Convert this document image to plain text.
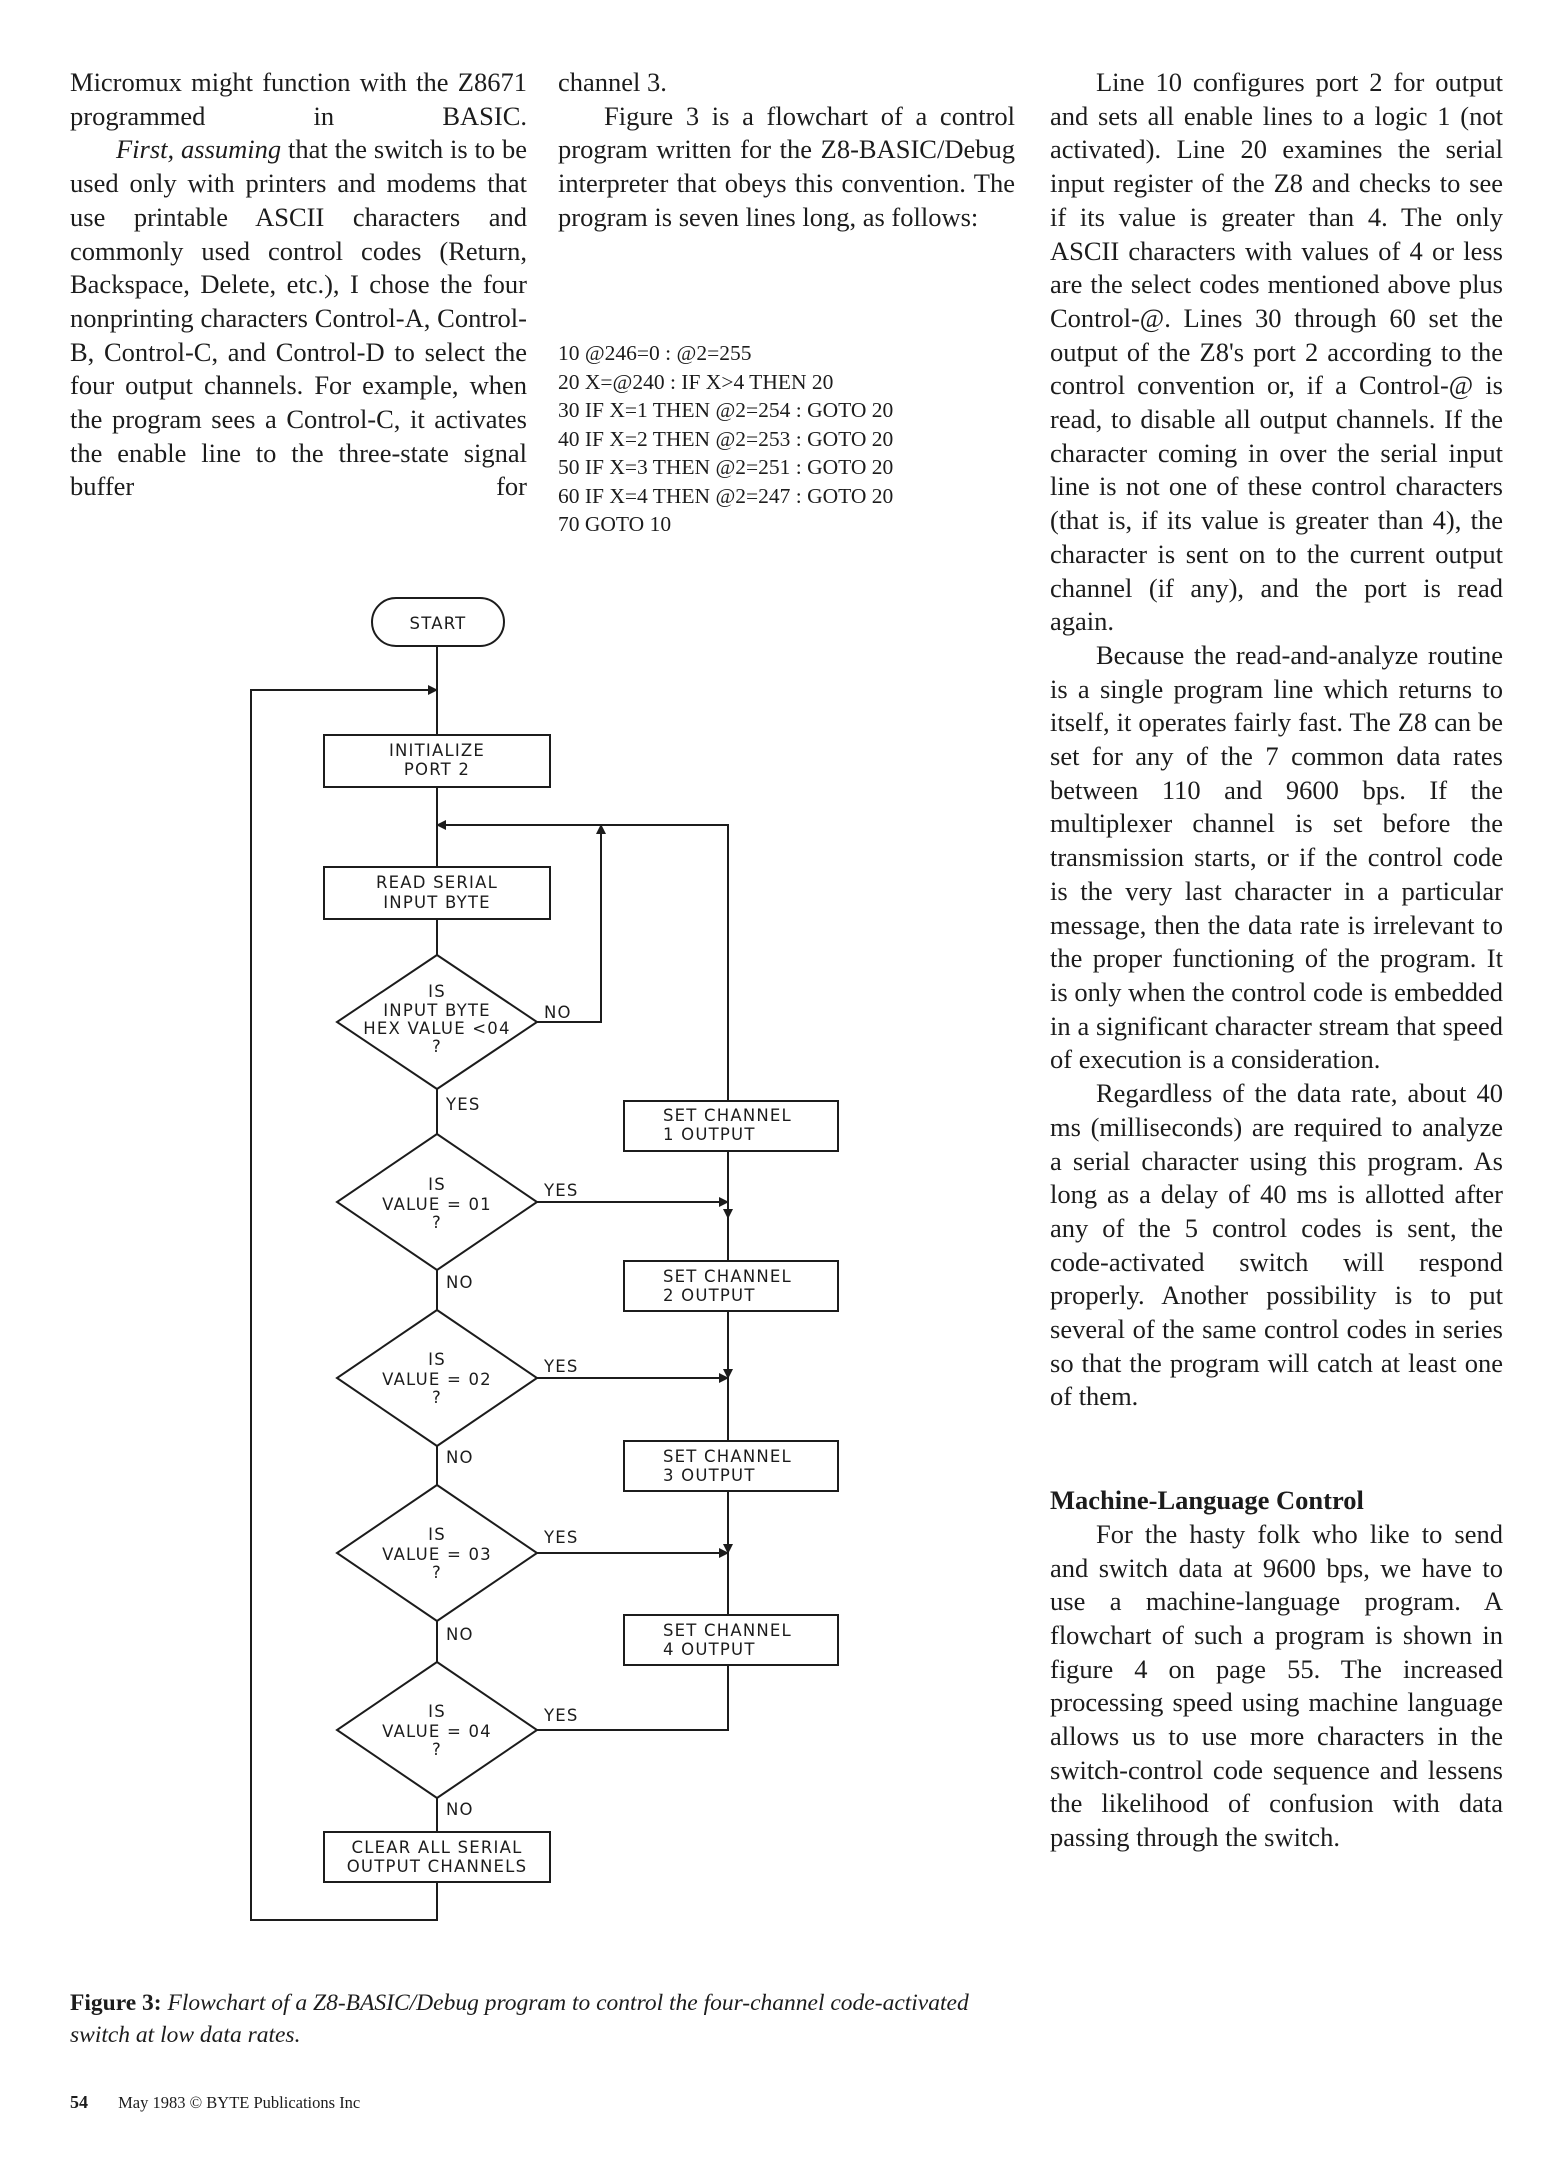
Micromux might function with the Z8671 programmed in BASIC.

First, assuming that the switch is to be used only with printers and modems that use printable ASCII characters and commonly used control codes (Return, Backspace, Delete, etc.), I chose the four nonprinting characters Control-A, Control-B, Control-C, and Control-D to select the four output channels. For example, when the program sees a Control-C, it activates the enable line to the three-state signal buffer for

channel 3.

Figure 3 is a flowchart of a control program written for the Z8-BASIC/Debug interpreter that obeys this convention. The program is seven lines long, as follows:

10 @246=0 : @2=255
20 X=@240 : IF X>4 THEN 20
30 IF X=1 THEN @2=254 : GOTO 20
40 IF X=2 THEN @2=253 : GOTO 20
50 IF X=3 THEN @2=251 : GOTO 20
60 IF X=4 THEN @2=247 : GOTO 20
70 GOTO 10

Line 10 configures port 2 for output and sets all enable lines to a logic 1 (not activated). Line 20 examines the serial input register of the Z8 and checks to see if its value is greater than 4. The only ASCII characters with values of 4 or less are the select codes mentioned above plus Control-@. Lines 30 through 60 set the output of the Z8's port 2 according to the control convention or, if a Control-@ is read, to disable all output channels. If the character coming in over the serial input line is not one of these control characters (that is, if its value is greater than 4), the character is sent on to the current output channel (if any), and the port is read again.

Because the read-and-analyze routine is a single program line which returns to itself, it operates fairly fast. The Z8 can be set for any of the 7 common data rates between 110 and 9600 bps. If the multiplexer channel is set before the transmission starts, or if the control code is the very last character in a particular message, then the data rate is irrelevant to the proper functioning of the program. It is only when the control code is embedded in a significant character stream that speed of execution is a consideration.

Regardless of the data rate, about 40 ms (milliseconds) are required to analyze a serial character using this program. As long as a delay of 40 ms is allotted after any of the 5 control codes is sent, the code-activated switch will respond properly. Another possibility is to put several of the same control codes in series so that the program will catch at least one of them.

Machine-Language Control

For the hasty folk who like to send and switch data at 9600 bps, we have to use a machine-language program. A flowchart of such a program is shown in figure 4 on page 55. The increased processing speed using machine language allows us to use more characters in the switch-control code sequence and lessens the likelihood of confusion with data passing through the switch.

START
INITIALIZE
PORT 2
READ SERIAL
INPUT BYTE
IS
INPUT BYTE
HEX VALUE <04
?
IS
VALUE = 01
?
IS
VALUE = 02
?
IS
VALUE = 03
?
IS
VALUE = 04
?
SET CHANNEL
1 OUTPUT
SET CHANNEL
2 OUTPUT
SET CHANNEL
3 OUTPUT
SET CHANNEL
4 OUTPUT
CLEAR ALL SERIAL
OUTPUT CHANNELS
NO
YES
YES
NO
YES
NO
YES
NO
YES
NO
Figure 3: Flowchart of a Z8-BASIC/Debug program to control the four-channel code-activated switch at low data rates.
54 May 1983 © BYTE Publications Inc
